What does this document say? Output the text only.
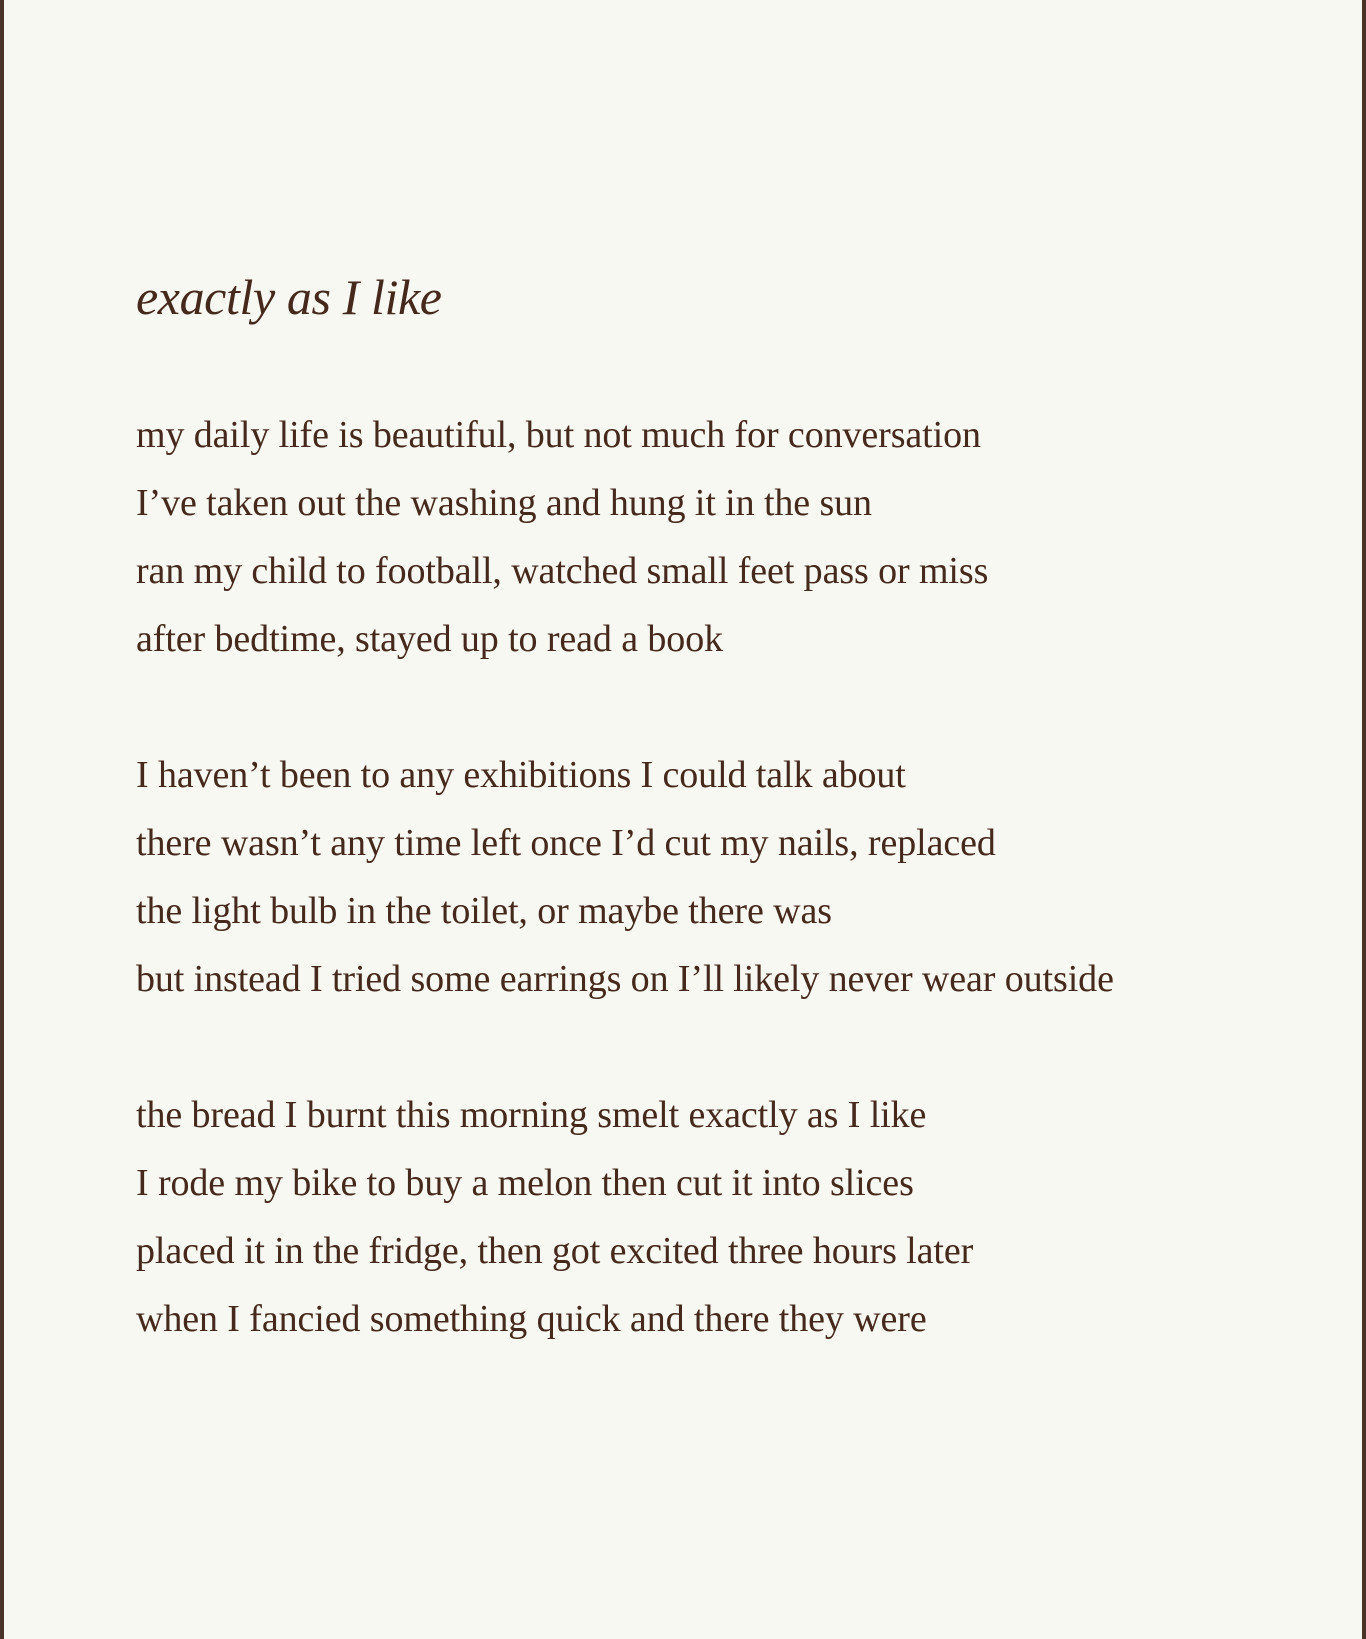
exactly as I like
my daily life is beautiful, but not much for conversation
I’ve taken out the washing and hung it in the sun
ran my child to football, watched small feet pass or miss
after bedtime, stayed up to read a book
I haven’t been to any exhibitions I could talk about
there wasn’t any time left once I’d cut my nails, replaced
the light bulb in the toilet, or maybe there was
but instead I tried some earrings on I’ll likely never wear outside
the bread I burnt this morning smelt exactly as I like
I rode my bike to buy a melon then cut it into slices
placed it in the fridge, then got excited three hours later
when I fancied something quick and there they were
